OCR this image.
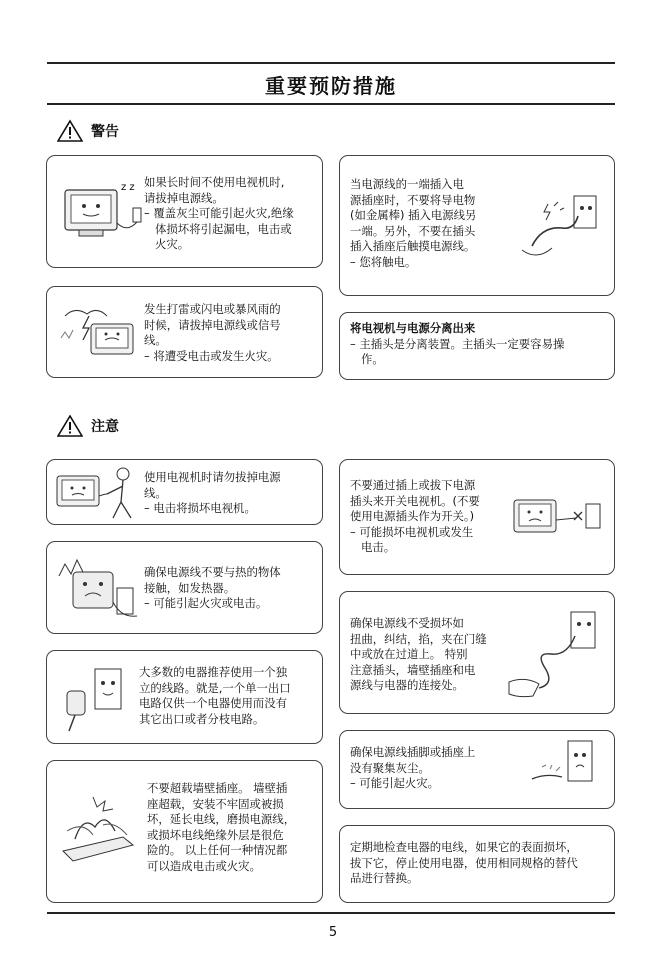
重要预防措施
警告
z z 如果长时间不使用电视机时,

请拔掉电源线。

– 覆盖灰尘可能引起火灾,绝缘

体损坏将引起漏电，电击或

火灾。

发生打雷或闪电或暴风雨的

时候，请拔掉电源线或信号

线。

– 将遭受电击或发生火灾。

当电源线的一端插入电

源插座时，不要将导电物

(如金属棒) 插入电源线另

一端。另外，不要在插头

插入插座后触摸电源线。

– 您将触电。

将电视机与电源分离出来

– 主插头是分离装置。主插头一定要容易操

作。

注意

使用电视机时请勿拔掉电源

线。

– 电击将损坏电视机。

确保电源线不要与热的物体

接触，如发热器。

– 可能引起火灾或电击。

大多数的电器推荐使用一个独

立的线路。就是,一个单一出口

电路仅供一个电器使用而没有

其它出口或者分枝电路。

不要超载墙壁插座。 墙壁插

座超载，安装不牢固或被损

坏，延长电线，磨损电源线，

或损坏电线绝缘外层是很危

险的。 以上任何一种情况都

可以造成电击或火灾。

不要通过插上或拔下电源

插头来开关电视机。(不要

使用电源插头作为开关。)

– 可能损坏电视机或发生

电击。

确保电源线不受损坏如

扭曲，纠结，掐，夹在门缝

中或放在过道上。 特别

注意插头，墙壁插座和电

源线与电器的连接处。

确保电源线插脚或插座上

没有聚集灰尘。

– 可能引起火灾。

定期地检查电器的电线，如果它的表面损坏，

拔下它，停止使用电器，使用相同规格的替代

品进行替换。

5
